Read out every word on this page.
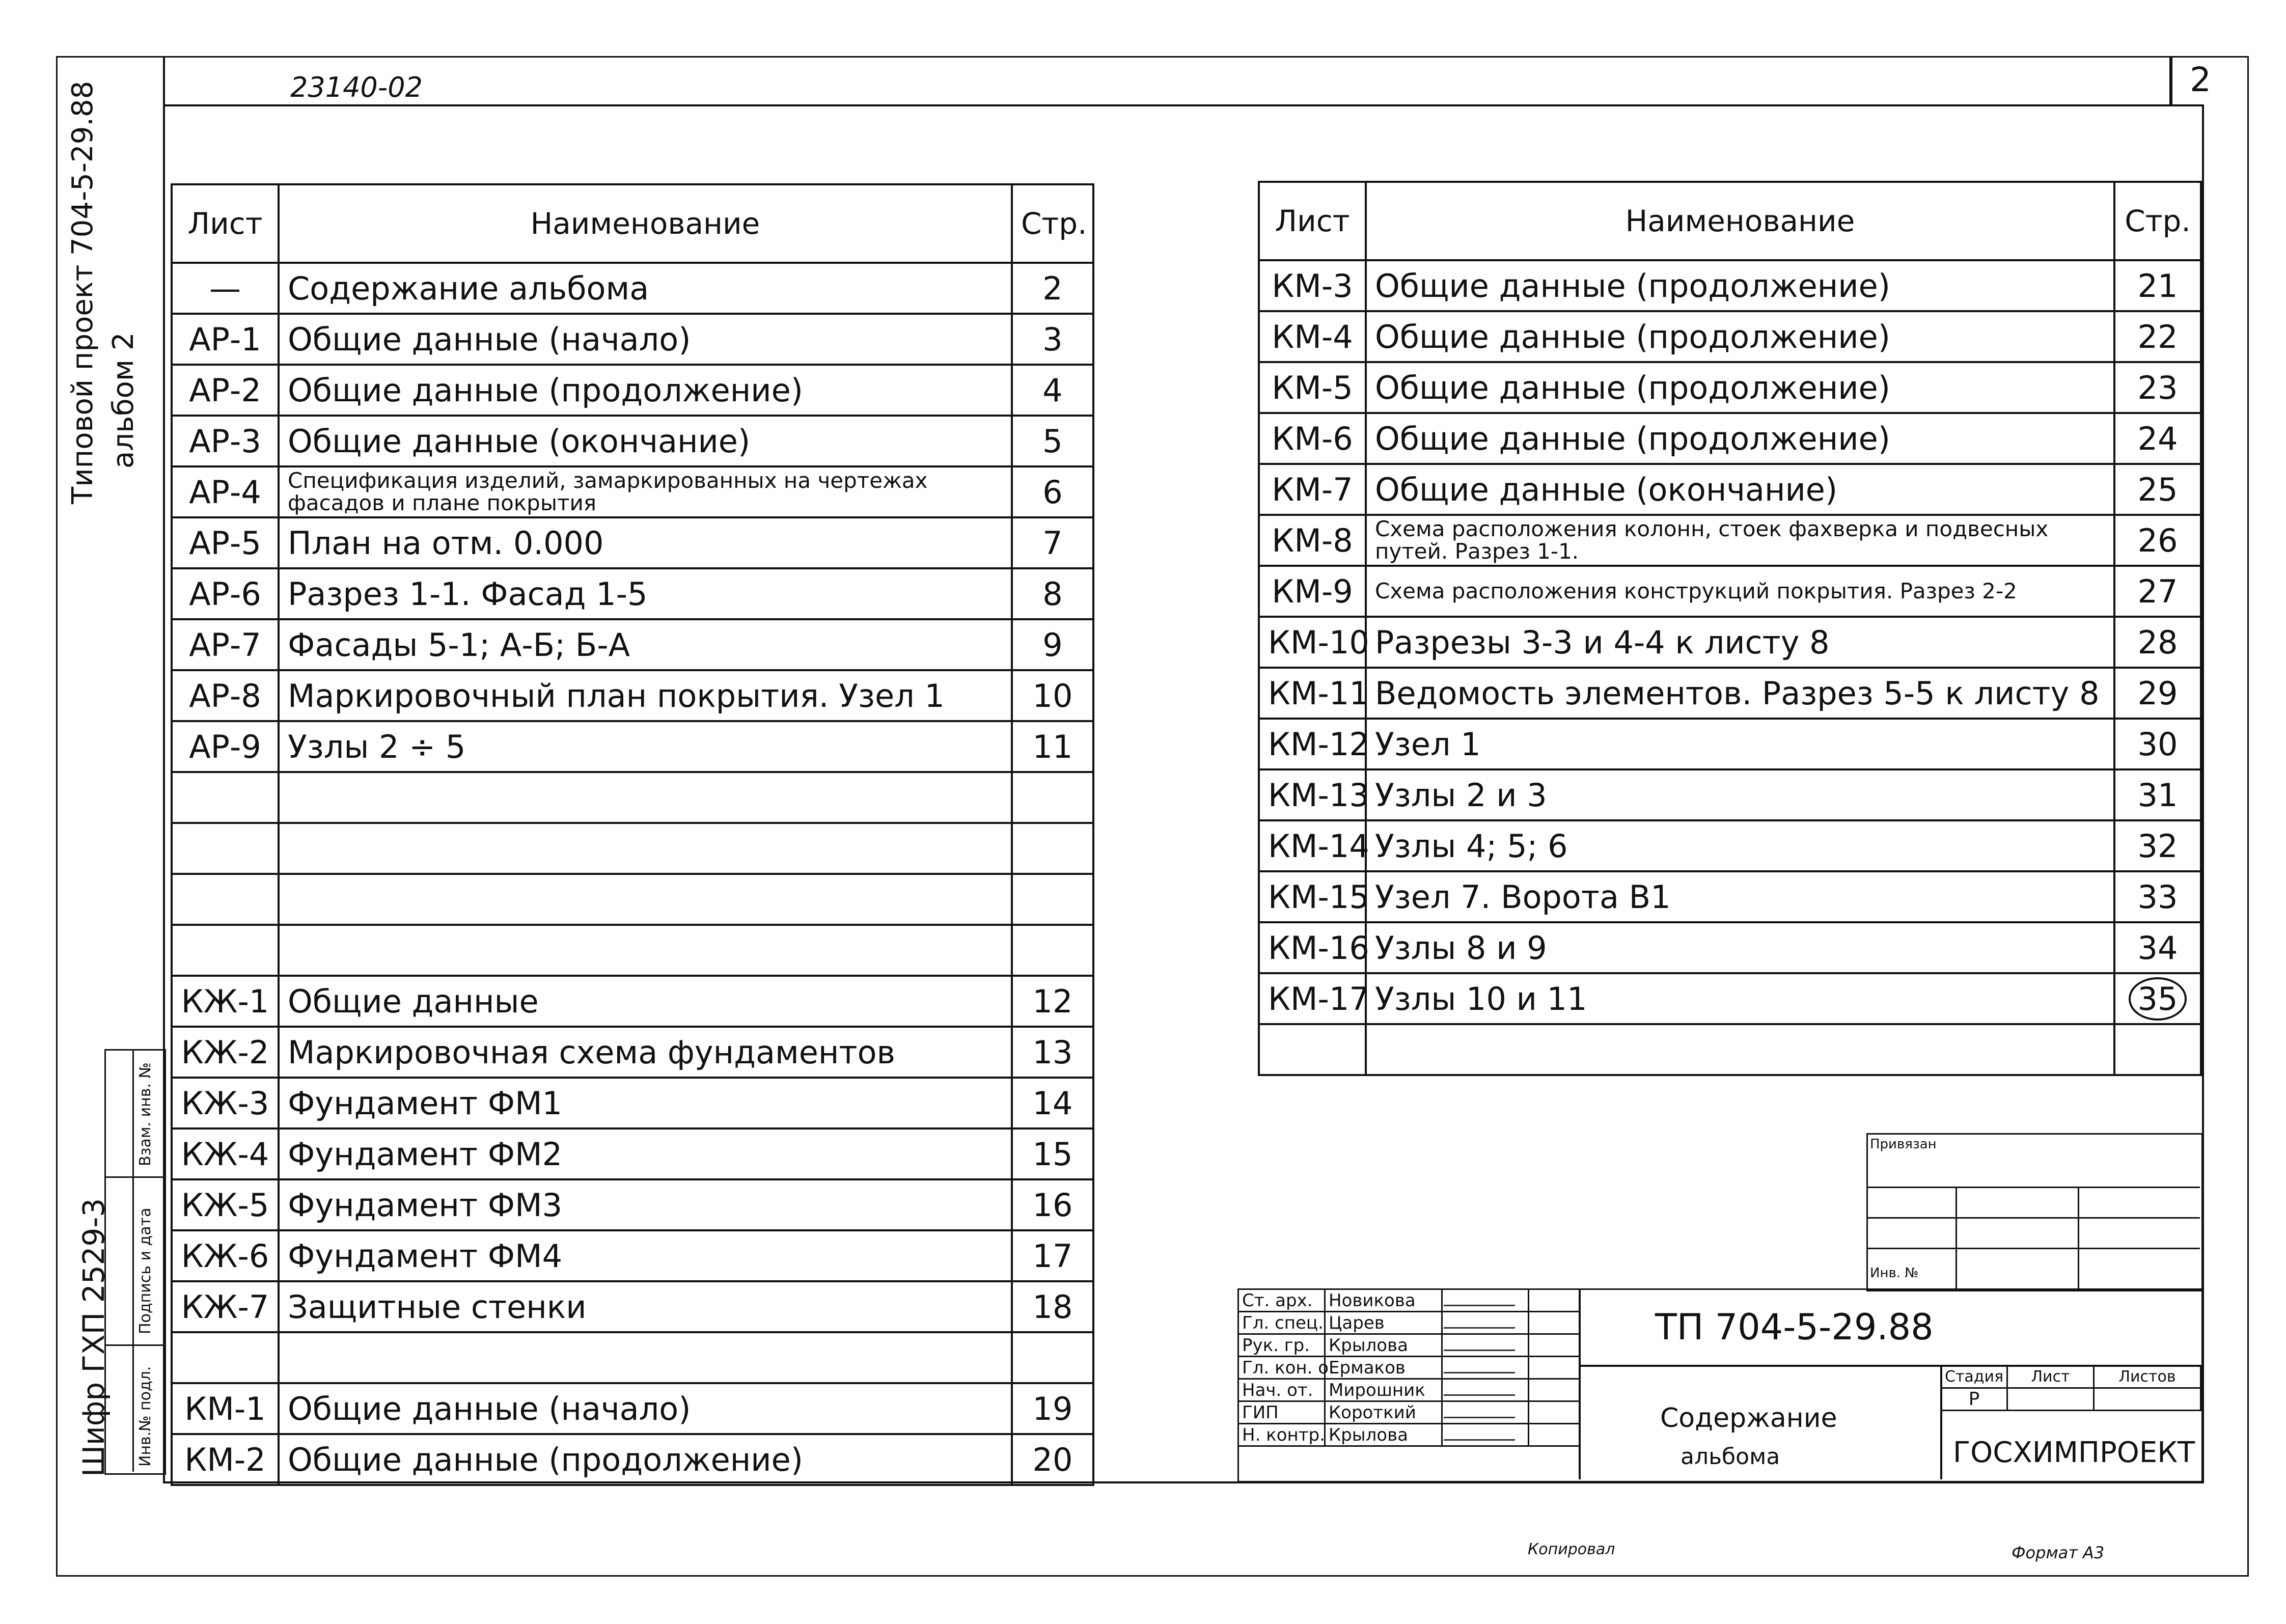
23140-02	2
Типовой проект 704-5-29.88 альбом 2
Инв.№ подл.
Подпись и дата
Взам. инв. №
Шифр ГХП 2529-3
Лист	Наименование	Стр.
—	Содержание альбома	2
АР-1	Общие данные (начало)	3
АР-2	Общие данные (продолжение)	4
АР-3	Общие данные (окончание)	5
АР-4	Спецификация изделий, замаркированных на чертежах фасадов и плане покрытия	6
АР-5	План на отм. 0.000	7
АР-6	Разрез 1-1. Фасад 1-5	8
АР-7	Фасады 5-1; А-Б; Б-А	9
АР-8	Маркировочный план покрытия. Узел 1	10
АР-9	Узлы 2 ÷ 5	11

КЖ-1	Общие данные	12
КЖ-2	Маркировочная схема фундаментов	13
КЖ-3	Фундамент ФМ1	14
КЖ-4	Фундамент ФМ2	15
КЖ-5	Фундамент ФМ3	16
КЖ-6	Фундамент ФМ4	17
КЖ-7	Защитные стенки	18

КМ-1	Общие данные (начало)	19
КМ-2	Общие данные (продолжение)	20
Лист	Наименование	Стр.
КМ-3	Общие данные (продолжение)	21
КМ-4	Общие данные (продолжение)	22
КМ-5	Общие данные (продолжение)	23
КМ-6	Общие данные (продолжение)	24
КМ-7	Общие данные (окончание)	25
КМ-8	Схема расположения колонн, стоек фахверка и подвесных путей. Разрез 1-1.	26
КМ-9	Схема расположения конструкций покрытия. Разрез 2-2	27
КМ-10	Разрезы 3-3 и 4-4 к листу 8	28
КМ-11	Ведомость элементов. Разрез 5-5 к листу 8	29
КМ-12	Узел 1	30
КМ-13	Узлы 2 и 3	31
КМ-14	Узлы 4; 5; 6	32
КМ-15	Узел 7. Ворота В1	33
КМ-16	Узлы 8 и 9	34
КМ-17	Узлы 10 и 11	35

Привязан
Инв. №
Ст. арх.	Новикова		
Гл. спец.	Царев		
Рук. гр.	Крылова		
Гл. кон. о.	Ермаков		
Нач. от.	Мирошник		
ГИП	Короткий		
Н. контр.	Крылова		
ТП 704-5-29.88
Содержание
альбома
Стадия	Лист	Листов
Р		
ГОСХИМПРОЕКТ
Копировал	Формат А3
